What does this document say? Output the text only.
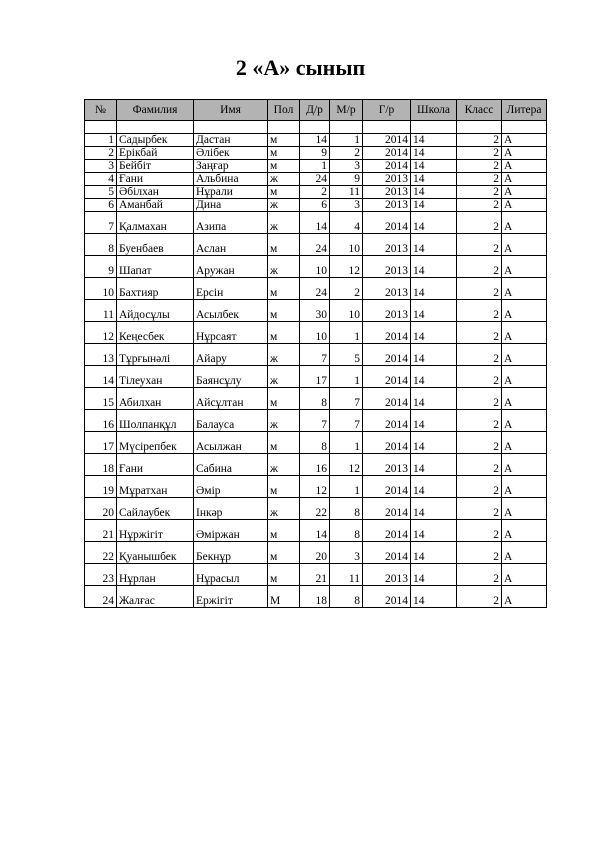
2 «А» сынып
№	Фамилия	Имя	Пол	Д/р	М/р	Г/р	Школа	Класс	Литера

1	Садырбек	Дастан	м	14	1	2014	14	2	А
2	Ерікбай	Әлібек	м	9	2	2014	14	2	А
3	Бейбіт	Заңғар	м	1	3	2014	14	2	А
4	Ғани	Альбина	ж	24	9	2013	14	2	А
5	Әбілхан	Нұрали	м	2	11	2013	14	2	А
6	Аманбай	Дина	ж	6	3	2013	14	2	А
7	Қалмахан	Азипа	ж	14	4	2014	14	2	А
8	Буенбаев	Аслан	м	24	10	2013	14	2	А
9	Шапат	Аружан	ж	10	12	2013	14	2	А
10	Бахтияр	Ерсін	м	24	2	2013	14	2	А
11	Айдосұлы	Асылбек	м	30	10	2013	14	2	А
12	Кеңесбек	Нұрсаят	м	10	1	2014	14	2	А
13	Тұрғынәлі	Айару	ж	7	5	2014	14	2	А
14	Тілеухан	Баянсұлу	ж	17	1	2014	14	2	А
15	Абилхан	Айсұлтан	м	8	7	2014	14	2	А
16	Шолпанқұл	Балауса	ж	7	7	2014	14	2	А
17	Мүсірепбек	Асылжан	м	8	1	2014	14	2	А
18	Ғани	Сабина	ж	16	12	2013	14	2	А
19	Мұратхан	Әмір	м	12	1	2014	14	2	А
20	Сайлаубек	Інкәр	ж	22	8	2014	14	2	А
21	Нұржігіт	Әміржан	м	14	8	2014	14	2	А
22	Қуанышбек	Бекнұр	м	20	3	2014	14	2	А
23	Нұрлан	Нұрасыл	м	21	11	2013	14	2	А
24	Жалғас	Ержігіт	М	18	8	2014	14	2	А
